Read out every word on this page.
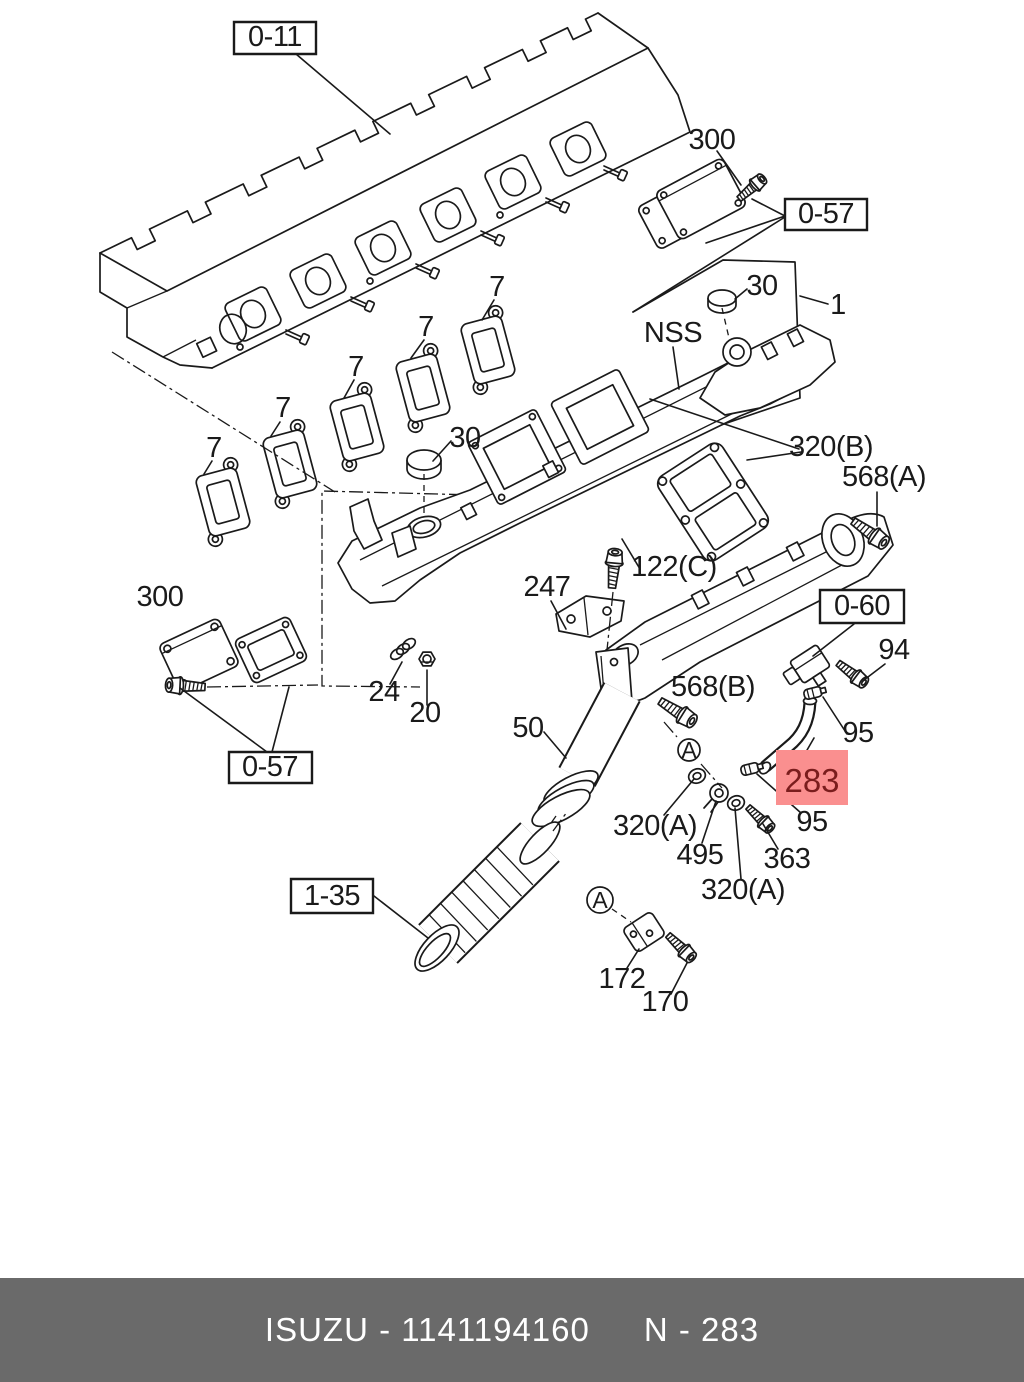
0-11
300
0-57
30
1
NSS
7
7
7
7
7	30	320(B)
568(A)
122(C)
247
0-60
94
300
0-57
24
20
568(B)
50	95
283
95
320(A)
495 363
320(A)
1-35
A
A
172
170
ISUZU - 1141194160 N - 283
